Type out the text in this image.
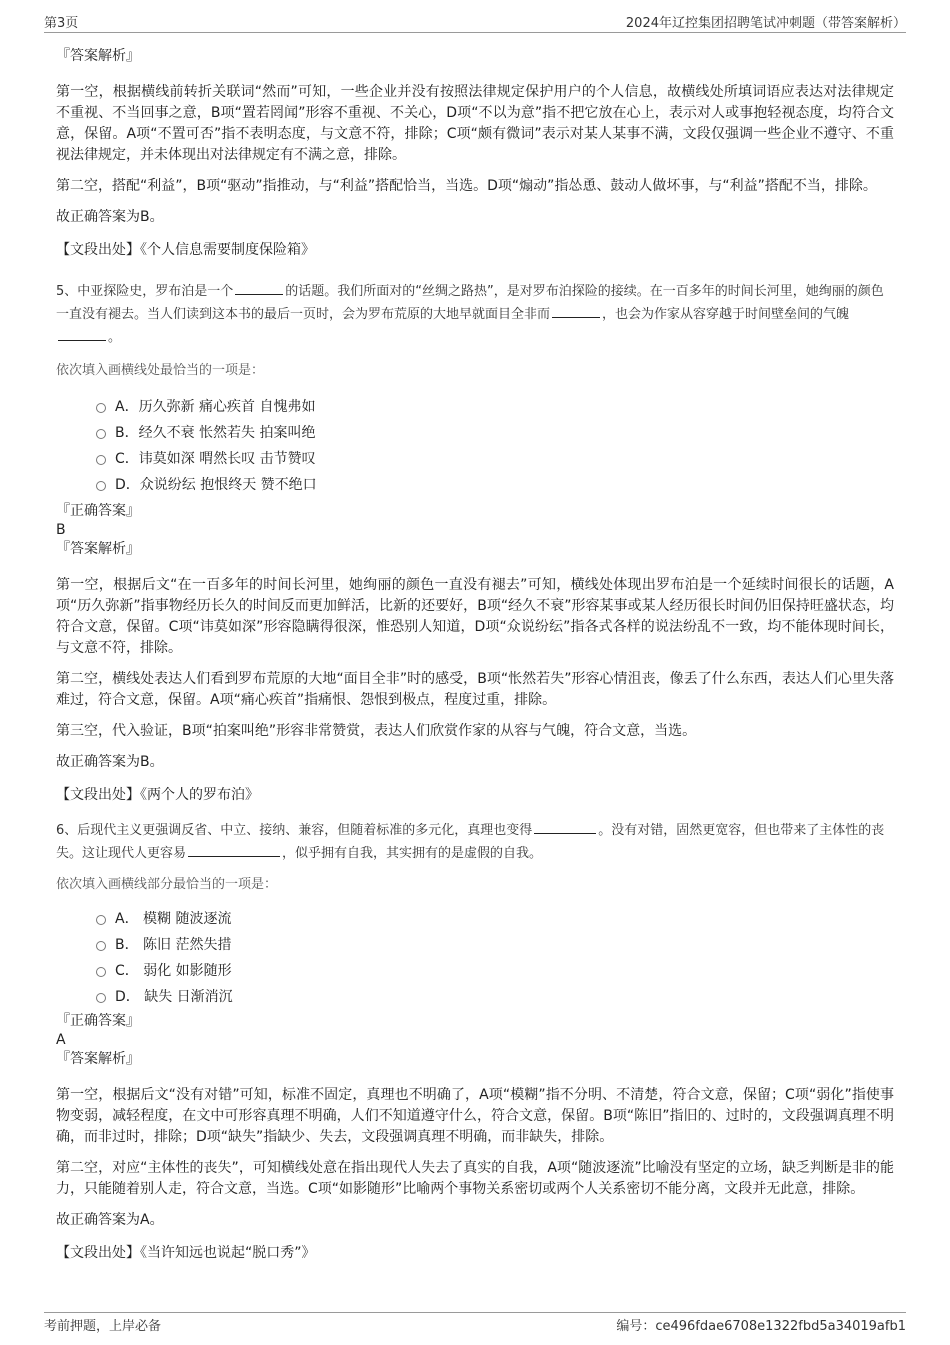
第3页	2024年辽控集团招聘笔试冲刺题（带答案解析）

『答案解析』

第一空，根据横线前转折关联词“然而”可知，一些企业并没有按照法律规定保护用户的个人信息，故横线处所填词语应表达对法律规定不重视、不当回事之意，B项“置若罔闻”形容不重视、不关心，D项“不以为意”指不把它放在心上，表示对人或事抱轻视态度，均符合文意，保留。A项“不置可否”指不表明态度，与文意不符，排除；C项“颇有微词”表示对某人某事不满，文段仅强调一些企业不遵守、不重视法律规定，并未体现出对法律规定有不满之意，排除。

第二空，搭配“利益”，B项“驱动”指推动，与“利益”搭配恰当，当选。D项“煽动”指怂恿、鼓动人做坏事，与“利益”搭配不当，排除。

故正确答案为B。

【文段出处】《个人信息需要制度保险箱》

5、中亚探险史，罗布泊是一个	的话题。我们所面对的“丝绸之路热”，是对罗布泊探险的接续。在一百多年的时间长河里，她绚丽的颜色一直没有褪去。当人们读到这本书的最后一页时，会为罗布荒原的大地早就面目全非而	，也会为作家从容穿越于时间壁垒间的气魄。

依次填入画横线处最恰当的一项是：

A．历久弥新 痛心疾首 自愧弗如
B．经久不衰 怅然若失 拍案叫绝
C．讳莫如深 喟然长叹 击节赞叹
D．众说纷纭 抱恨终天 赞不绝口

『正确答案』

B

『答案解析』

第一空，根据后文“在一百多年的时间长河里，她绚丽的颜色一直没有褪去”可知，横线处体现出罗布泊是一个延续时间很长的话题，A项“历久弥新”指事物经历长久的时间反而更加鲜活，比新的还要好，B项“经久不衰”形容某事或某人经历很长时间仍旧保持旺盛状态，均符合文意，保留。C项“讳莫如深”形容隐瞒得很深，惟恐别人知道，D项“众说纷纭”指各式各样的说法纷乱不一致，均不能体现时间长，与文意不符，排除。

第二空，横线处表达人们看到罗布荒原的大地“面目全非”时的感受，B项“怅然若失”形容心情沮丧，像丢了什么东西，表达人们心里失落难过，符合文意，保留。A项“痛心疾首”指痛恨、怨恨到极点，程度过重，排除。

第三空，代入验证，B项“拍案叫绝”形容非常赞赏，表达人们欣赏作家的从容与气魄，符合文意，当选。

故正确答案为B。

【文段出处】《两个人的罗布泊》

6、后现代主义更强调反省、中立、接纳、兼容，但随着标准的多元化，真理也变得	。没有对错，固然更宽容，但也带来了主体性的丧失。这让现代人更容易	，似乎拥有自我，其实拥有的是虚假的自我。

依次填入画横线部分最恰当的一项是：

A． 模糊 随波逐流
B． 陈旧 茫然失措
C． 弱化 如影随形
D． 缺失 日渐消沉

『正确答案』

A

『答案解析』

第一空，根据后文“没有对错”可知，标准不固定，真理也不明确了，A项“模糊”指不分明、不清楚，符合文意，保留；C项“弱化”指使事物变弱，减轻程度，在文中可形容真理不明确，人们不知道遵守什么，符合文意，保留。B项“陈旧”指旧的、过时的，文段强调真理不明确，而非过时，排除；D项“缺失”指缺少、失去，文段强调真理不明确，而非缺失，排除。

第二空，对应“主体性的丧失”，可知横线处意在指出现代人失去了真实的自我，A项“随波逐流”比喻没有坚定的立场，缺乏判断是非的能力，只能随着别人走，符合文意，当选。C项“如影随形”比喻两个事物关系密切或两个人关系密切不能分离，文段并无此意，排除。

故正确答案为A。

【文段出处】《当许知远也说起“脱口秀”》

考前押题，上岸必备	编号：ce496fdae6708e1322fbd5a34019afb1
